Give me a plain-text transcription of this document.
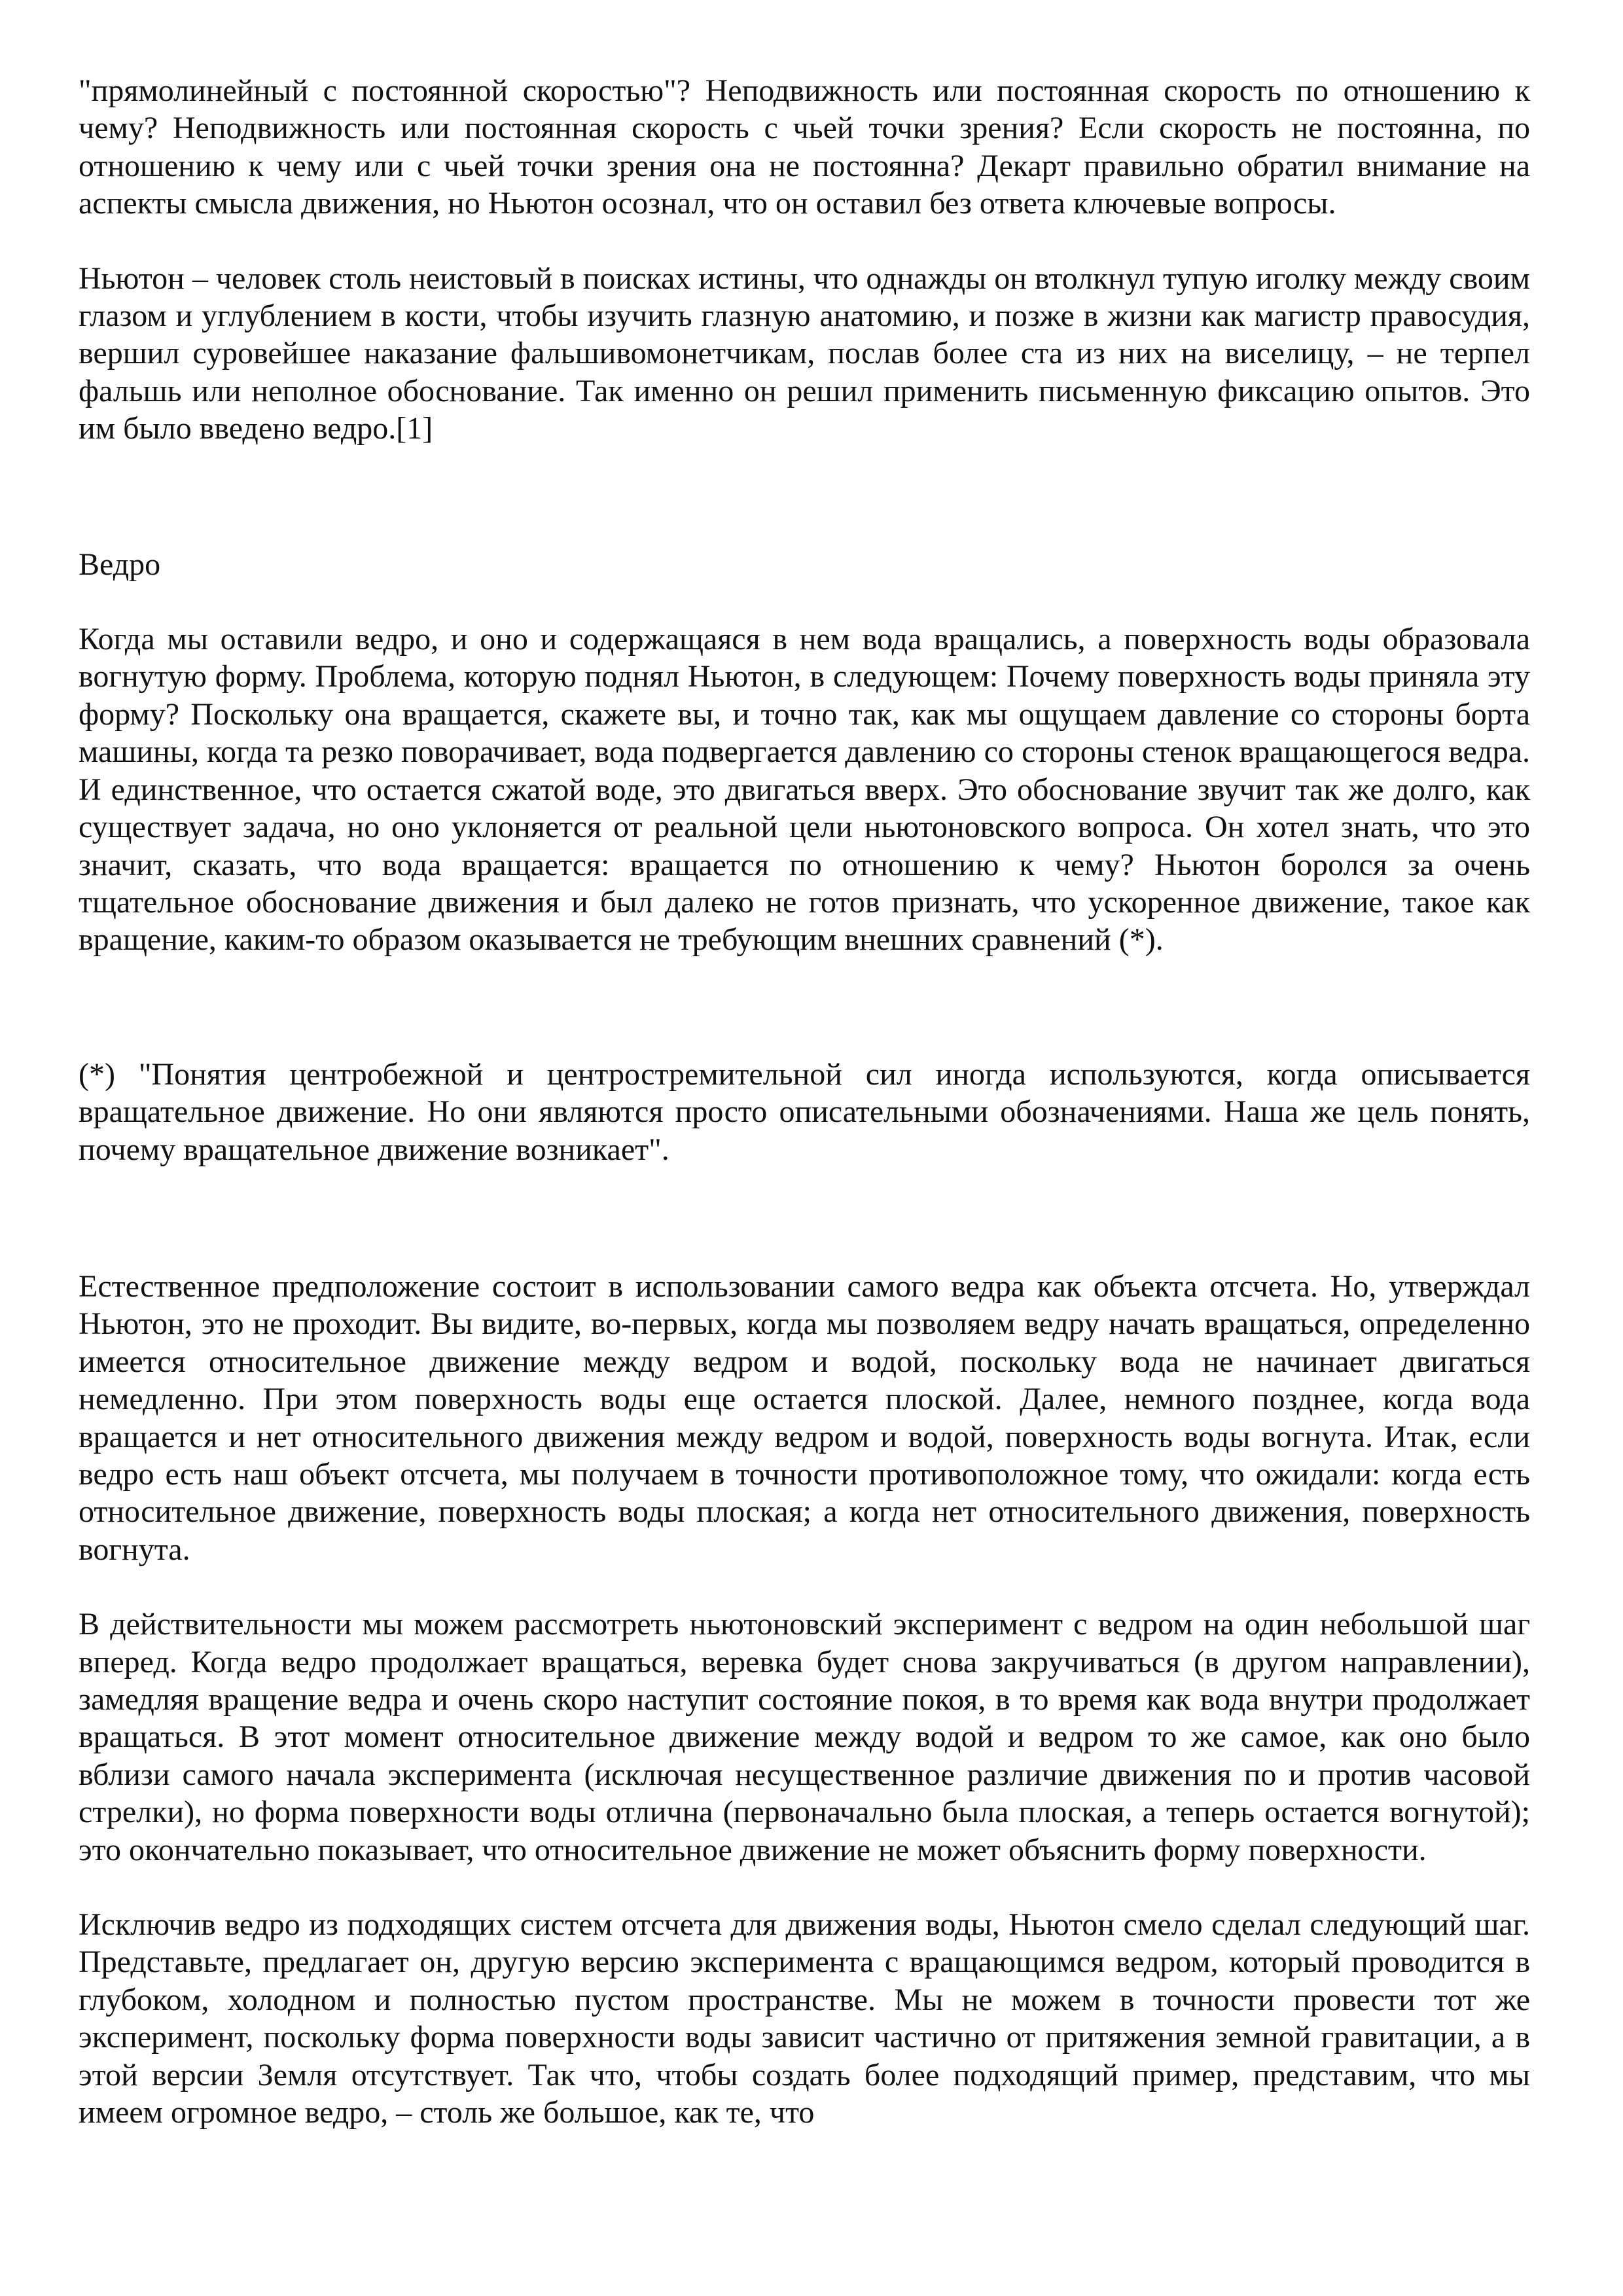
"прямолинейный с постоянной скоростью"? Неподвижность или постоянная скорость по отношению к чему? Неподвижность или постоянная скорость с чьей точки зрения? Если скорость не постоянна, по отношению к чему или с чьей точки зрения она не постоянна? Декарт правильно обратил внимание на аспекты смысла движения, но Ньютон осознал, что он оставил без ответа ключевые вопросы.

Ньютон – человек столь неистовый в поисках истины, что однажды он втолкнул тупую иголку между своим глазом и углублением в кости, чтобы изучить глазную анатомию, и позже в жизни как магистр правосудия, вершил суровейшее наказание фальшивомонетчикам, послав более ста из них на виселицу, – не терпел фальшь или неполное обоснование. Так именно он решил применить письменную фиксацию опытов. Это им было введено ведро.[1]

Ведро

Когда мы оставили ведро, и оно и содержащаяся в нем вода вращались, а поверхность воды образовала вогнутую форму. Проблема, которую поднял Ньютон, в следующем: Почему поверхность воды приняла эту форму? Поскольку она вращается, скажете вы, и точно так, как мы ощущаем давление со стороны борта машины, когда та резко поворачивает, вода подвергается давлению со стороны стенок вращающегося ведра. И единственное, что остается сжатой воде, это двигаться вверх. Это обоснование звучит так же долго, как существует задача, но оно уклоняется от реальной цели ньютоновского вопроса. Он хотел знать, что это значит, сказать, что вода вращается: вращается по отношению к чему? Ньютон боролся за очень тщательное обоснование движения и был далеко не готов признать, что ускоренное движение, такое как вращение, каким-то образом оказывается не требующим внешних сравнений (*).

(*) "Понятия центробежной и центростремительной сил иногда используются, когда описывается вращательное движение. Но они являются просто описательными обозначениями. Наша же цель понять, почему вращательное движение возникает".

Естественное предположение состоит в использовании самого ведра как объекта отсчета. Но, утверждал Ньютон, это не проходит. Вы видите, во-первых, когда мы позволяем ведру начать вращаться, определенно имеется относительное движение между ведром и водой, поскольку вода не начинает двигаться немедленно. При этом поверхность воды еще остается плоской. Далее, немного позднее, когда вода вращается и нет относительного движения между ведром и водой, поверхность воды вогнута. Итак, если ведро есть наш объект отсчета, мы получаем в точности противоположное тому, что ожидали: когда есть относительное движение, поверхность воды плоская; а когда нет относительного движения, поверхность вогнута.

В действительности мы можем рассмотреть ньютоновский эксперимент с ведром на один небольшой шаг вперед. Когда ведро продолжает вращаться, веревка будет снова закручиваться (в другом направлении), замедляя вращение ведра и очень скоро наступит состояние покоя, в то время как вода внутри продолжает вращаться. В этот момент относительное движение между водой и ведром то же самое, как оно было вблизи самого начала эксперимента (исключая несущественное различие движения по и против часовой стрелки), но форма поверхности воды отлична (первоначально была плоская, а теперь остается вогнутой); это окончательно показывает, что относительное движение не может объяснить форму поверхности.

Исключив ведро из подходящих систем отсчета для движения воды, Ньютон смело сделал следующий шаг. Представьте, предлагает он, другую версию эксперимента с вращающимся ведром, который проводится в глубоком, холодном и полностью пустом пространстве. Мы не можем в точности провести тот же эксперимент, поскольку форма поверхности воды зависит частично от притяжения земной гравитации, а в этой версии Земля отсутствует. Так что, чтобы создать более подходящий пример, представим, что мы имеем огромное ведро, – столь же большое, как те, что
